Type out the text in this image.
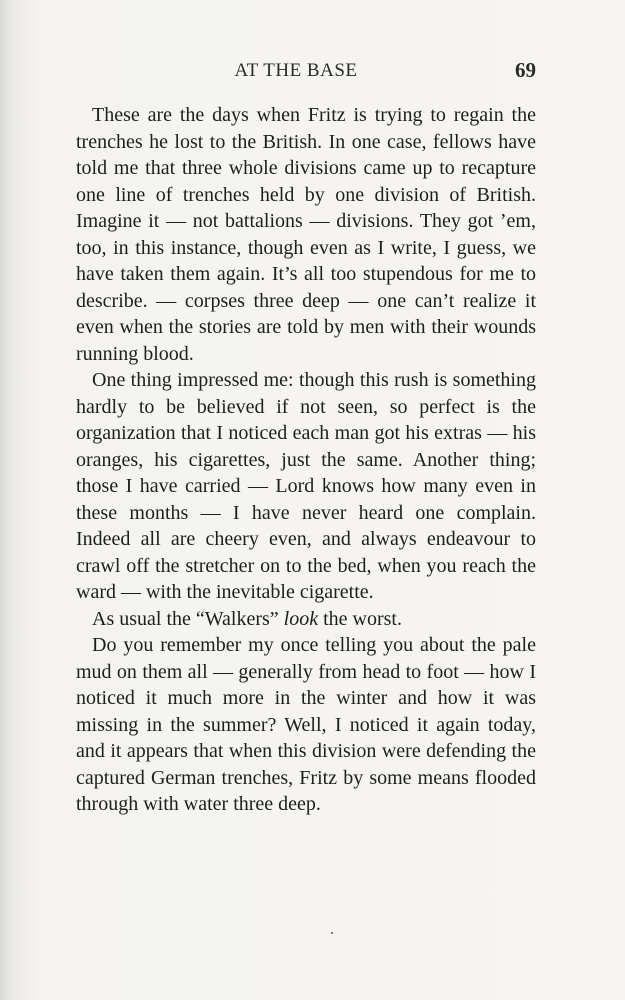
AT THE BASE	69

These are the days when Fritz is trying to regain the trenches he lost to the British. In one case, fellows have told me that three whole divisions came up to recapture one line of trenches held by one division of British. Imagine it — not battalions — divisions. They got ’em, too, in this instance, though even as I write, I guess, we have taken them again. It’s all too stupendous for me to describe. — corpses three deep — one can’t realize it even when the stories are told by men with their wounds running blood.

One thing impressed me: though this rush is something hardly to be believed if not seen, so perfect is the organization that I noticed each man got his extras — his oranges, his cigarettes, just the same. Another thing; those I have carried — Lord knows how many even in these months — I have never heard one complain. Indeed all are cheery even, and always endeavour to crawl off the stretcher on to the bed, when you reach the ward — with the inevitable cigarette.

As usual the “Walkers” look the worst.

Do you remember my once telling you about the pale mud on them all — generally from head to foot — how I noticed it much more in the winter and how it was missing in the summer? Well, I noticed it again today, and it appears that when this division were defending the captured German trenches, Fritz by some means flooded through with water three deep.
